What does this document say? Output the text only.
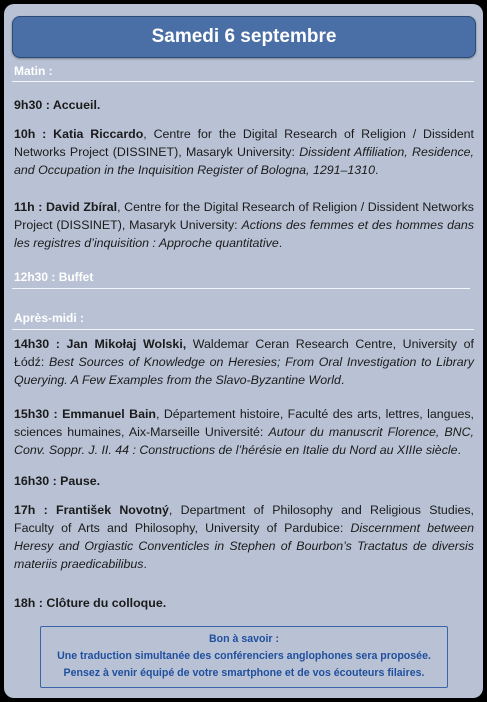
Samedi 6 septembre
Matin :
9h30 : Accueil.
10h : Katia Riccardo, Centre for the Digital Research of Religion / Dissident Networks Project (DISSINET), Masaryk University: Dissident Affiliation, Residence, and Occupation in the Inquisition Register of Bologna, 1291–1310.
11h : David Zbíral, Centre for the Digital Research of Religion / Dissident Networks Project (DISSINET), Masaryk University: Actions des femmes et des hommes dans les registres d’inquisition : Approche quantitative.
12h30 : Buffet
Après-midi :
14h30 : Jan Mikołaj Wolski, Waldemar Ceran Research Centre, University of Łódź: Best Sources of Knowledge on Heresies; From Oral Investigation to Library Querying. A Few Examples from the Slavo-Byzantine World.
15h30 : Emmanuel Bain, Département histoire, Faculté des arts, lettres, langues, sciences humaines, Aix-Marseille Université: Autour du manuscrit Florence, BNC, Conv. Soppr. J. II. 44 : Constructions de l’hérésie en Italie du Nord au XIIIe siècle.
16h30 : Pause.
17h : František Novotný, Department of Philosophy and Religious Studies, Faculty of Arts and Philosophy, University of Pardubice: Discernment between Heresy and Orgiastic Conventicles in Stephen of Bourbon’s Tractatus de diversis materiis praedicabilibus.
18h : Clôture du colloque.
Bon à savoir :
Une traduction simultanée des conférenciers anglophones sera proposée.
Pensez à venir équipé de votre smartphone et de vos écouteurs filaires.
